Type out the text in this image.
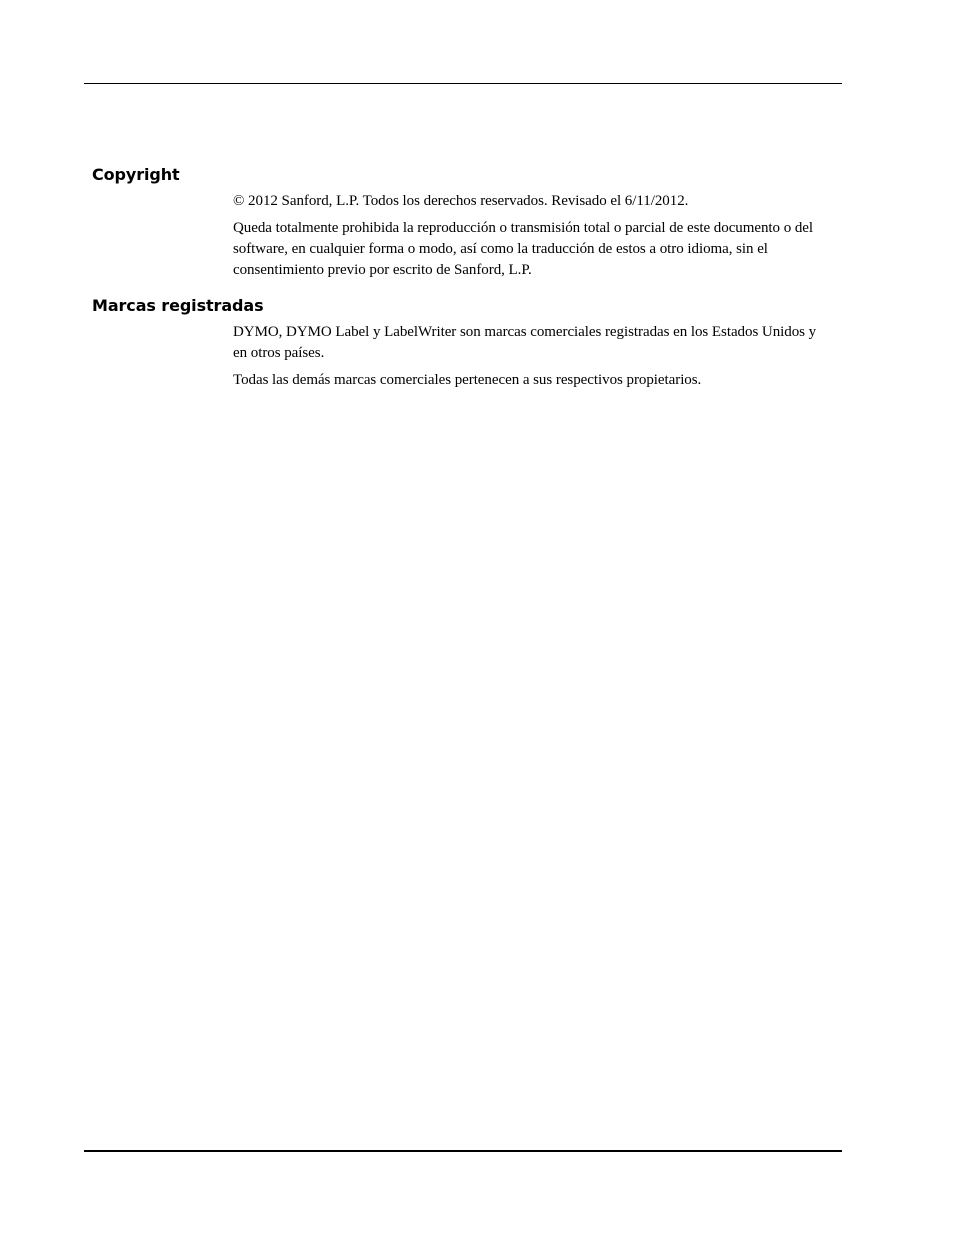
Copyright

© 2012 Sanford, L.P. Todos los derechos reservados. Revisado el 6/11/2012.

Queda totalmente prohibida la reproducción o transmisión total o parcial de este documento o del software, en cualquier forma o modo, así como la traducción de estos a otro idioma, sin el consentimiento previo por escrito de Sanford, L.P.

Marcas registradas

DYMO, DYMO Label y LabelWriter son marcas comerciales registradas en los Estados Unidos y en otros países.

Todas las demás marcas comerciales pertenecen a sus respectivos propietarios.
